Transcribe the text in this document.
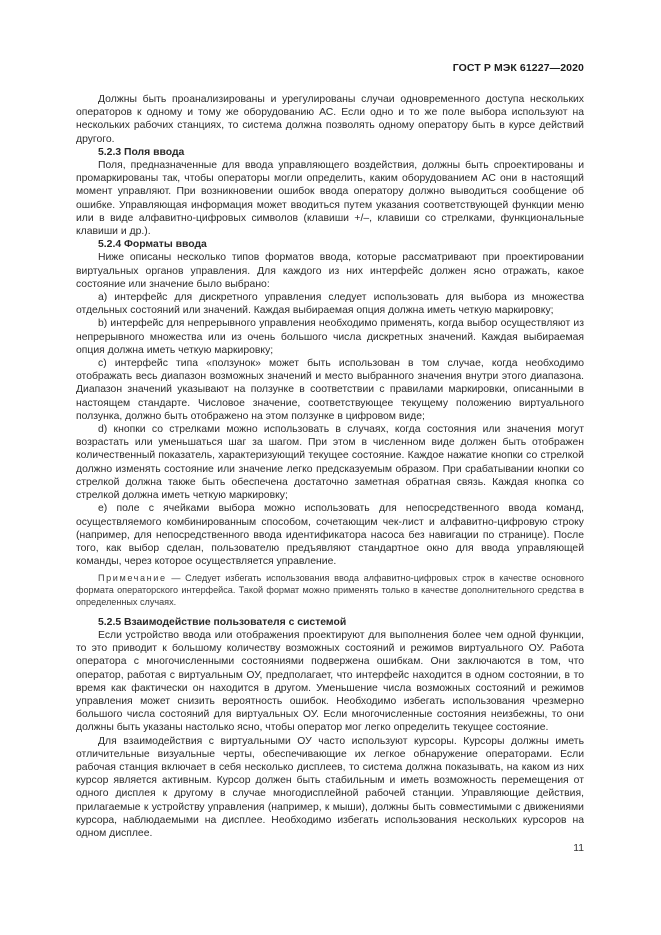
ГОСТ Р МЭК 61227—2020

Должны быть проанализированы и урегулированы случаи одновременного доступа нескольких операторов к одному и тому же оборудованию АС. Если одно и то же поле выбора используют на нескольких рабочих станциях, то система должна позволять одному оператору быть в курсе действий другого.

5.2.3 Поля ввода

Поля, предназначенные для ввода управляющего воздействия, должны быть спроектированы и промаркированы так, чтобы операторы могли определить, каким оборудованием АС они в настоящий момент управляют. При возникновении ошибок ввода оператору должно выводиться сообщение об ошибке. Управляющая информация может вводиться путем указания соответствующей функции меню или в виде алфавитно-цифровых символов (клавиши +/–, клавиши со стрелками, функциональные клавиши и др.).

5.2.4 Форматы ввода

Ниже описаны несколько типов форматов ввода, которые рассматривают при проектировании виртуальных органов управления. Для каждого из них интерфейс должен ясно отражать, какое состояние или значение было выбрано:

а) интерфейс для дискретного управления следует использовать для выбора из множества отдельных состояний или значений. Каждая выбираемая опция должна иметь четкую маркировку;

b) интерфейс для непрерывного управления необходимо применять, когда выбор осуществляют из непрерывного множества или из очень большого числа дискретных значений. Каждая выбираемая опция должна иметь четкую маркировку;

с) интерфейс типа «ползунок» может быть использован в том случае, когда необходимо отображать весь диапазон возможных значений и место выбранного значения внутри этого диапазона. Диапазон значений указывают на ползунке в соответствии с правилами маркировки, описанными в настоящем стандарте. Числовое значение, соответствующее текущему положению виртуального ползунка, должно быть отображено на этом ползунке в цифровом виде;

d) кнопки со стрелками можно использовать в случаях, когда состояния или значения могут возрастать или уменьшаться шаг за шагом. При этом в численном виде должен быть отображен количественный показатель, характеризующий текущее состояние. Каждое нажатие кнопки со стрелкой должно изменять состояние или значение легко предсказуемым образом. При срабатывании кнопки со стрелкой должна также быть обеспечена достаточно заметная обратная связь. Каждая кнопка со стрелкой должна иметь четкую маркировку;

е) поле с ячейками выбора можно использовать для непосредственного ввода команд, осуществляемого комбинированным способом, сочетающим чек-лист и алфавитно-цифровую строку (например, для непосредственного ввода идентификатора насоса без навигации по странице). После того, как выбор сделан, пользователю предъявляют стандартное окно для ввода управляющей команды, через которое осуществляется управление.

Примечание — Следует избегать использования ввода алфавитно-цифровых строк в качестве основного формата операторского интерфейса. Такой формат можно применять только в качестве дополнительного средства в определенных случаях.

5.2.5 Взаимодействие пользователя с системой

Если устройство ввода или отображения проектируют для выполнения более чем одной функции, то это приводит к большому количеству возможных состояний и режимов виртуального ОУ. Работа оператора с многочисленными состояниями подвержена ошибкам. Они заключаются в том, что оператор, работая с виртуальным ОУ, предполагает, что интерфейс находится в одном состоянии, в то время как фактически он находится в другом. Уменьшение числа возможных состояний и режимов управления может снизить вероятность ошибок. Необходимо избегать использования чрезмерно большого числа состояний для виртуальных ОУ. Если многочисленные состояния неизбежны, то они должны быть указаны настолько ясно, чтобы оператор мог легко определить текущее состояние.

Для взаимодействия с виртуальными ОУ часто используют курсоры. Курсоры должны иметь отличительные визуальные черты, обеспечивающие их легкое обнаружение операторами. Если рабочая станция включает в себя несколько дисплеев, то система должна показывать, на каком из них курсор является активным. Курсор должен быть стабильным и иметь возможность перемещения от одного дисплея к другому в случае многодисплейной рабочей станции. Управляющие действия, прилагаемые к устройству управления (например, к мыши), должны быть совместимыми с движениями курсора, наблюдаемыми на дисплее. Необходимо избегать использования нескольких курсоров на одном дисплее.

11
